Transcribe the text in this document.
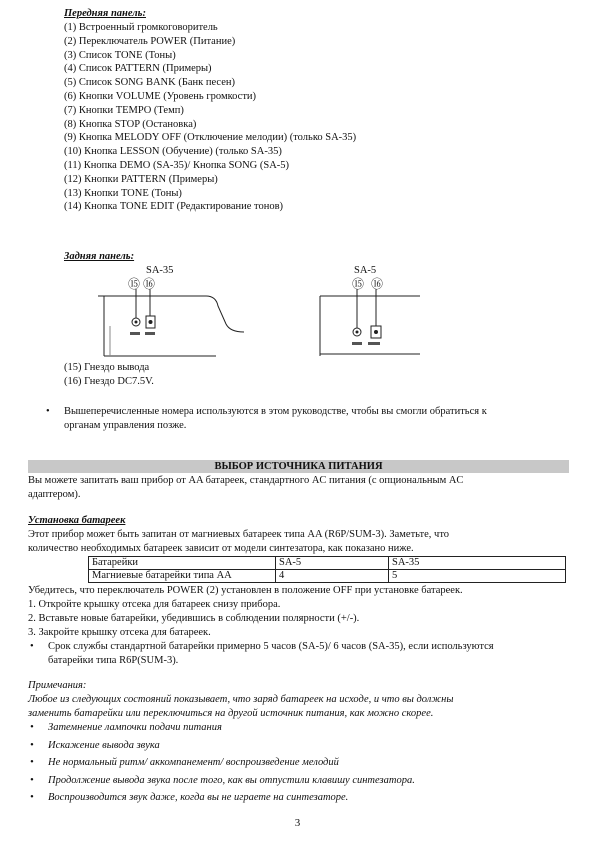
Передняя панель:
(1) Встроенный громкоговоритель
(2) Переключатель POWER (Питание)
(3) Список TONE (Тоны)
(4) Список PATTERN (Примеры)
(5) Список SONG BANK (Банк песен)
(6) Кнопки VOLUME (Уровень громкости)
(7) Кнопки TEMPO (Темп)
(8) Кнопка STOP (Остановка)
(9) Кнопка MELODY OFF (Отключение мелодии) (только SA-35)
(10) Кнопка LESSON (Обучение) (только SA-35)
(11) Кнопка DEMO (SA-35)/ Кнопка SONG (SA-5)
(12) Кнопки PATTERN (Примеры)
(13) Кнопки TONE (Тоны)
(14) Кнопка TONE EDIT (Редактирование тонов)
Задняя панель:
SA-35	SA-5
⑮ ⑯	⑮ ⑯
(15) Гнездо вывода
(16) Гнездо DC7.5V.
• Вышеперечисленные номера используются в этом руководстве, чтобы вы смогли обратиться к
органам управления позже.
ВЫБОР ИСТОЧНИКА ПИТАНИЯ
Вы можете запитать ваш прибор от AA батареек, стандартного AC питания (с опциональным AC
адаптером).
Установка батареек
Этот прибор может быть запитан от магниевых батареек типа AA (R6P/SUM-3). Заметьте, что
количество необходимых батареек зависит от модели синтезатора, как показано ниже.
Батарейки	SA-5	SA-35
Магниевые батарейки типа AA	4	5
Убедитесь, что переключатель POWER (2) установлен в положение OFF при установке батареек.
1. Откройте крышку отсека для батареек снизу прибора.
2. Вставьте новые батарейки, убедившись в соблюдении полярности (+/-).
3. Закройте крышку отсека для батареек.
• Срок службы стандартной батарейки примерно 5 часов (SA-5)/ 6 часов (SA-35), если используются
батарейки типа R6P(SUM-3).
Примечания:
Любое из следующих состояний показывает, что заряд батареек на исходе, и что вы должны
заменить батарейки или переключиться на другой источник питания, как можно скорее.
• Затемнение лампочки подачи питания
• Искажение вывода звука
• Не нормальный ритм/ аккомпанемент/ воспроизведение мелодий
• Продолжение вывода звука после того, как вы отпустили клавишу синтезатора.
• Воспроизводится звук даже, когда вы не играете на синтезаторе.
3
